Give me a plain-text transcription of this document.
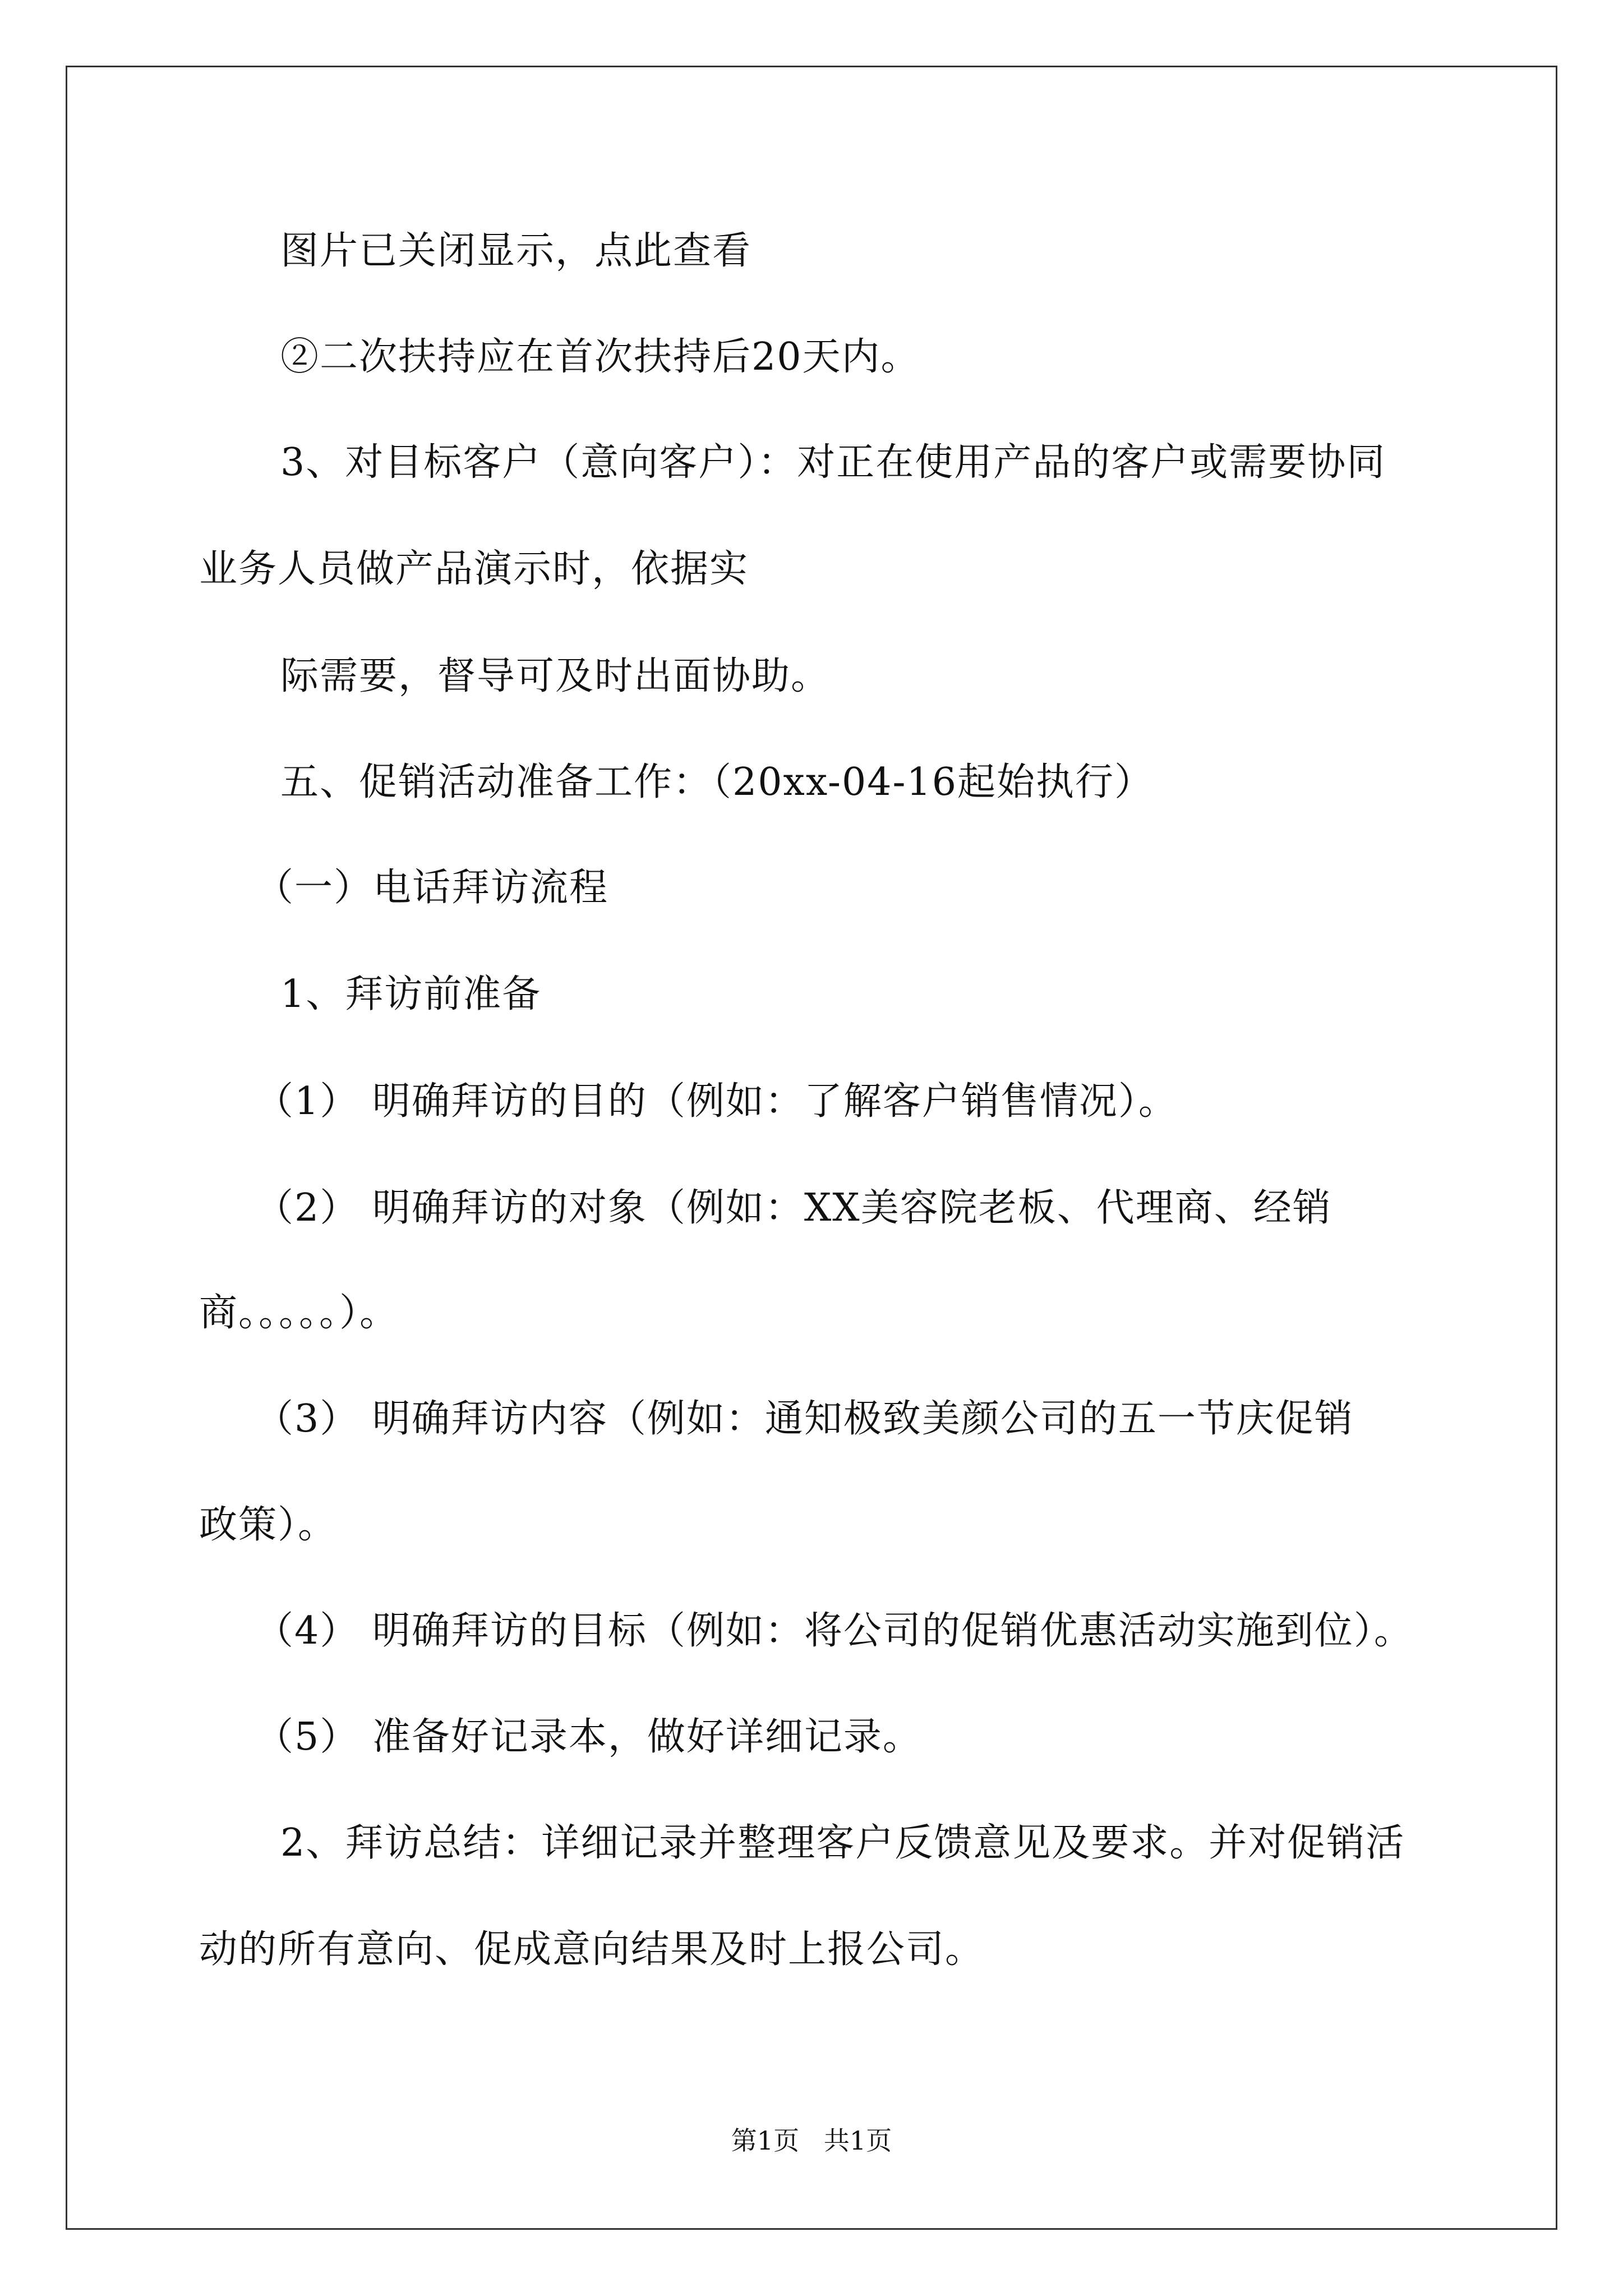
图片已关闭显示，点此查看
②二次扶持应在首次扶持后20天内。
3、对目标客户（意向客户）：对正在使用产品的客户或需要协同
业务人员做产品演示时，依据实
际需要，督导可及时出面协助。
五、促销活动准备工作：（20xx-04-16起始执行）
（一）电话拜访流程
1、拜访前准备
（1） 明确拜访的目的（例如：了解客户销售情况）。
（2） 明确拜访的对象（例如：XX美容院老板、代理商、经销
商。。。。。）。
（3） 明确拜访内容（例如：通知极致美颜公司的五一节庆促销
政策）。
（4） 明确拜访的目标（例如：将公司的促销优惠活动实施到位）。
（5） 准备好记录本，做好详细记录。
2、拜访总结：详细记录并整理客户反馈意见及要求。并对促销活
动的所有意向、促成意向结果及时上报公司。
第1页   共1页
